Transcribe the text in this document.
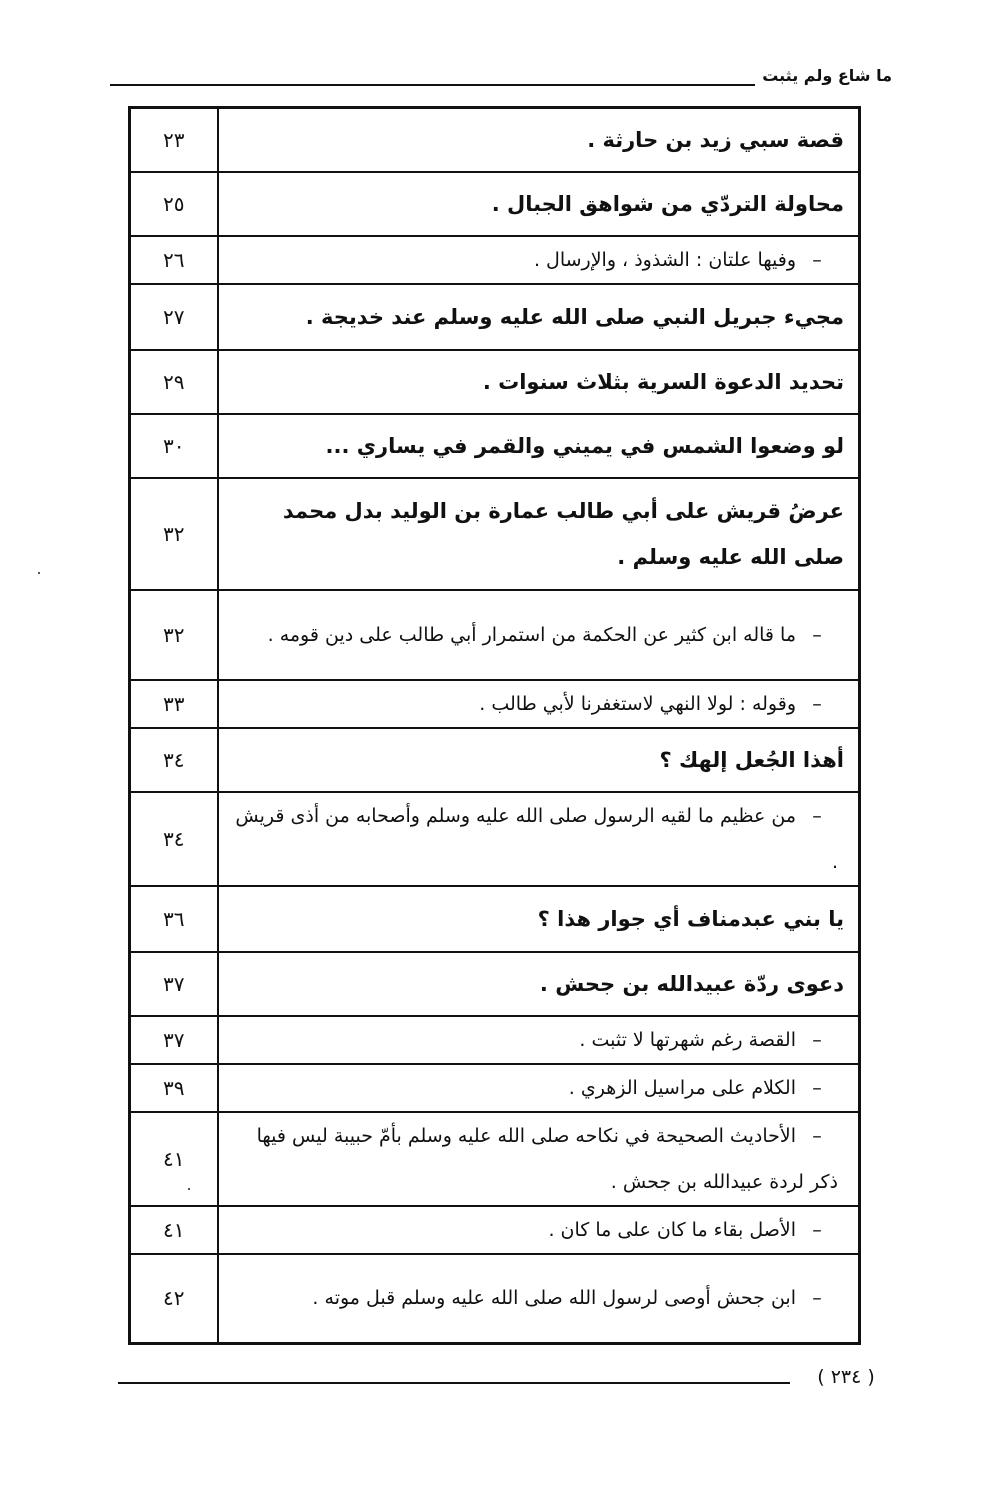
ما شاع ولم يثبت
٢٣	قصة سبي زيد بن حارثة .
٢٥	محاولة التردّي من شواهق الجبال .
٢٦	–وفيها علتان : الشذوذ ، والإرسال .
٢٧	مجيء جبريل النبي صلى الله عليه وسلم عند خديجة .
٢٩	تحديد الدعوة السرية بثلاث سنوات .
٣٠	لو وضعوا الشمس في يميني والقمر في يساري ...
٣٢	عرضُ قريش على أبي طالب عمارة بن الوليد بدل محمد صلى الله عليه وسلم .
٣٢	–ما قاله ابن كثير عن الحكمة من استمرار أبي طالب على دين قومه .
٣٣	–وقوله : لولا النهي لاستغفرنا لأبي طالب .
٣٤	أهذا الجُعل إلهك ؟
٣٤	–من عظيم ما لقيه الرسول صلى الله عليه وسلم وأصحابه من أذى قريش .
٣٦	يا بني عبدمناف أي جوار هذا ؟
٣٧	دعوى ردّة عبيدالله بن جحش .
٣٧	–القصة رغم شهرتها لا تثبت .
٣٩	–الكلام على مراسيل الزهري .
٤١	–الأحاديث الصحيحة في نكاحه صلى الله عليه وسلم بأمّ حبيبة ليس فيها ذكر لردة عبيدالله بن جحش .
٤١	–الأصل بقاء ما كان على ما كان .
٤٢	–ابن جحش أوصى لرسول الله صلى الله عليه وسلم قبل موته .
( ٢٣٤ )
